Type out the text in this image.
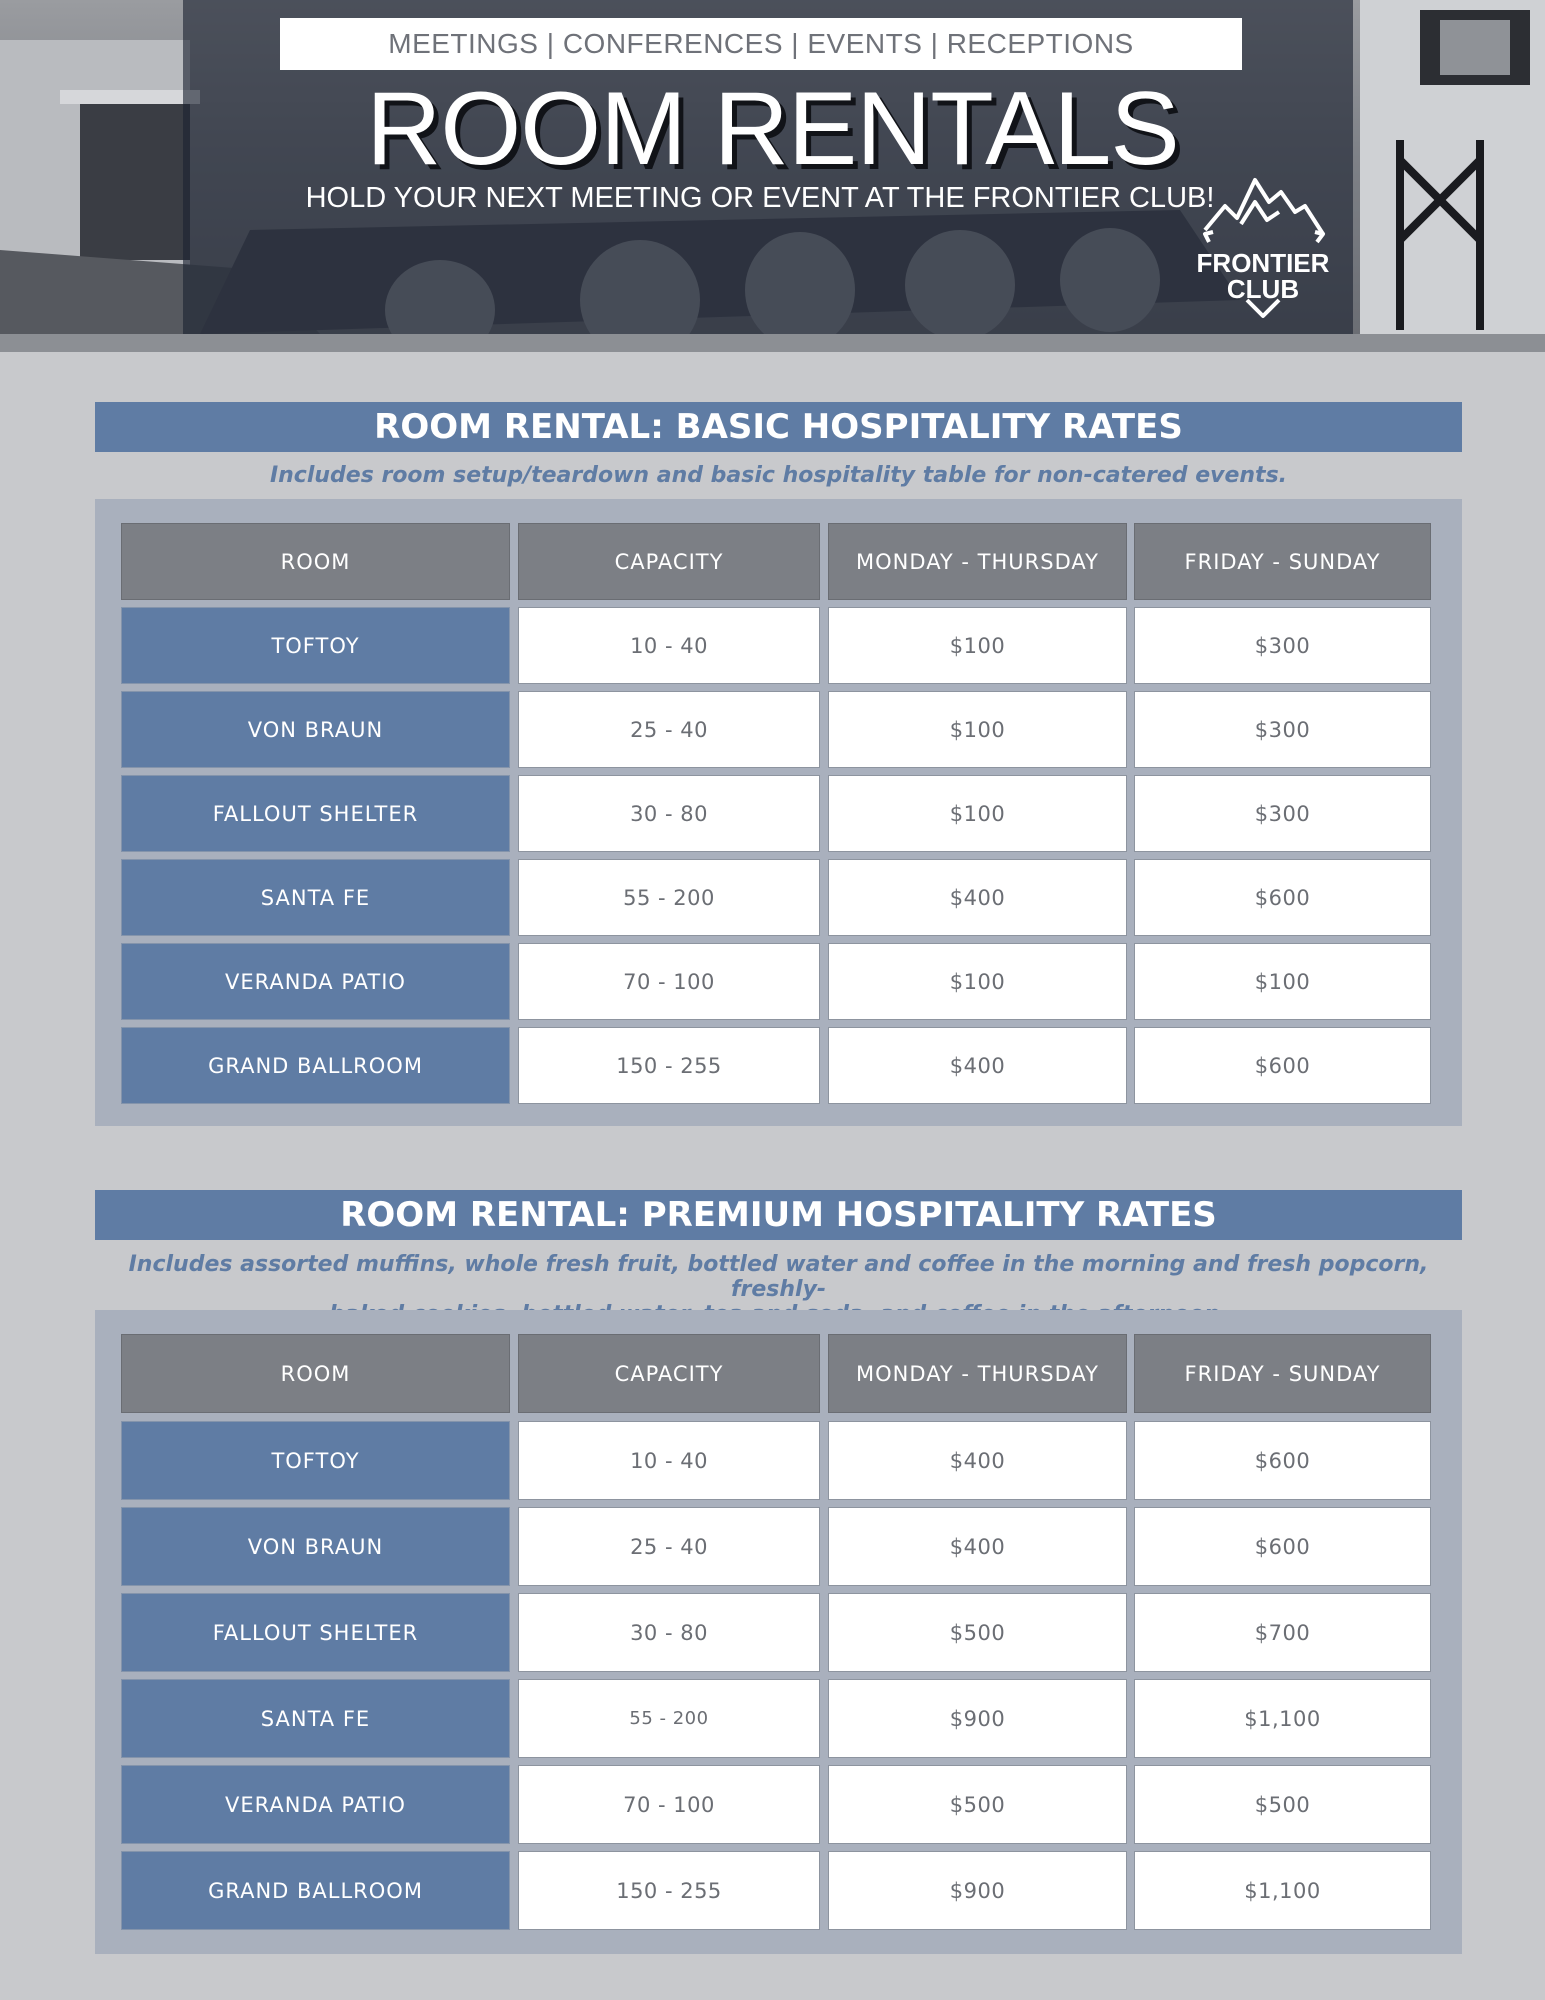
MEETINGS | CONFERENCES | EVENTS | RECEPTIONS
ROOM RENTALS
HOLD YOUR NEXT MEETING OR EVENT AT THE FRONTIER CLUB!
FRONTIER
CLUB
ROOM RENTAL: BASIC HOSPITALITY RATES
Includes room setup/teardown and basic hospitality table for non-catered events.
ROOM	CAPACITY	MONDAY - THURSDAY	FRIDAY - SUNDAY
TOFTOY	10 - 40	$100	$300
VON BRAUN	25 - 40	$100	$300
FALLOUT SHELTER	30 - 80	$100	$300
SANTA FE	55 - 200	$400	$600
VERANDA PATIO	70 - 100	$100	$100
GRAND BALLROOM	150 - 255	$400	$600
ROOM RENTAL: PREMIUM HOSPITALITY RATES
Includes assorted muffins, whole fresh fruit, bottled water and coffee in the morning and fresh popcorn, freshly-
ROOM	CAPACITY	MONDAY - THURSDAY	FRIDAY - SUNDAY
TOFTOY	10 - 40	$400	$600
VON BRAUN	25 - 40	$400	$600
FALLOUT SHELTER	30 - 80	$500	$700
SANTA FE	55 - 200	$900	$1,100
VERANDA PATIO	70 - 100	$500	$500
GRAND BALLROOM	150 - 255	$900	$1,100
